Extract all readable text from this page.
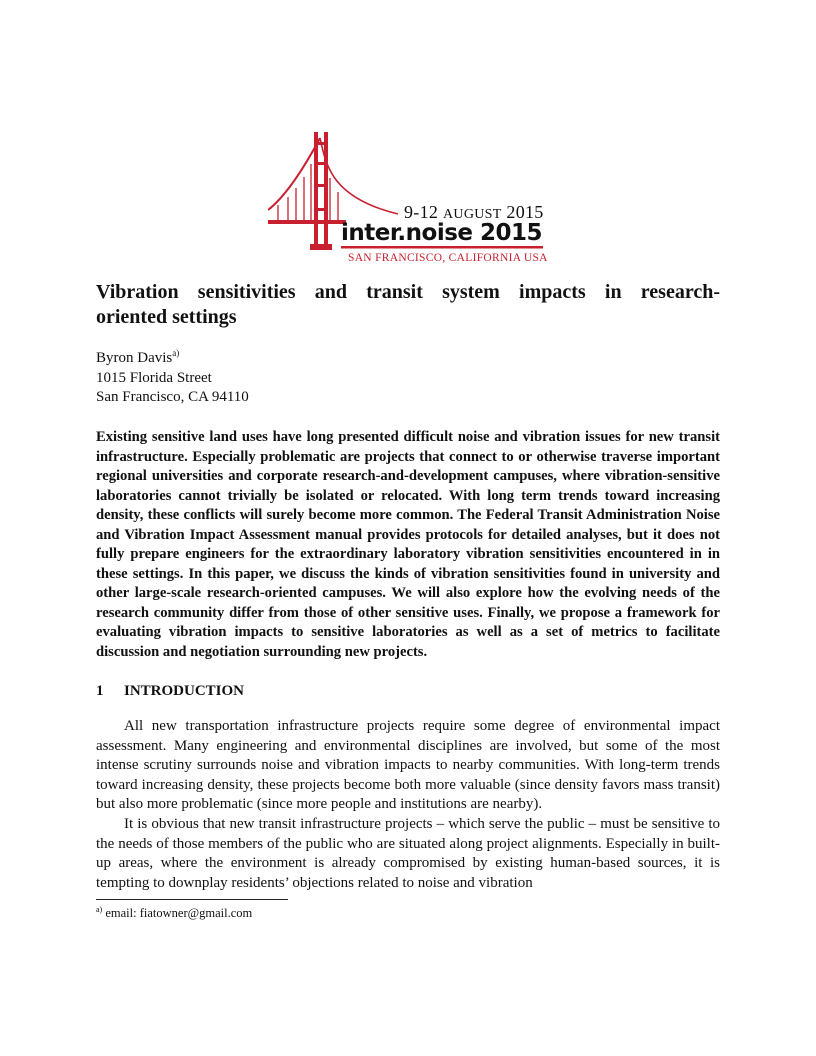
9-12 AUGUST 2015
inter.noise 2015
SAN FRANCISCO, CALIFORNIA USA
Vibration sensitivities and transit system impacts in research-
oriented settings
Byron Davis$^{a)}$
1015 Florida Street
San Francisco, CA 94110

Existing sensitive land uses have long presented difficult noise and vibration issues for new transit infrastructure. Especially problematic are projects that connect to or otherwise traverse important regional universities and corporate research-and-development campuses, where vibration-sensitive laboratories cannot trivially be isolated or relocated. With long term trends toward increasing density, these conflicts will surely become more common. The Federal Transit Administration Noise and Vibration Impact Assessment manual provides protocols for detailed analyses, but it does not fully prepare engineers for the extraordinary laboratory vibration sensitivities encountered in in these settings. In this paper, we discuss the kinds of vibration sensitivities found in university and other large-scale research-oriented campuses. We will also explore how the evolving needs of the research community differ from those of other sensitive uses. Finally, we propose a framework for evaluating vibration impacts to sensitive laboratories as well as a set of metrics to facilitate discussion and negotiation surrounding new projects.

1 INTRODUCTION

All new transportation infrastructure projects require some degree of environmental impact assessment. Many engineering and environmental disciplines are involved, but some of the most intense scrutiny surrounds noise and vibration impacts to nearby communities. With long-term trends toward increasing density, these projects become both more valuable (since density favors mass transit) but also more problematic (since more people and institutions are nearby).

It is obvious that new transit infrastructure projects – which serve the public – must be sensitive to the needs of those members of the public who are situated along project alignments. Especially in built-up areas, where the environment is already compromised by existing human-based sources, it is tempting to downplay residents’ objections related to noise and vibration

$^{a)}$ email: fiatowner@gmail.com
